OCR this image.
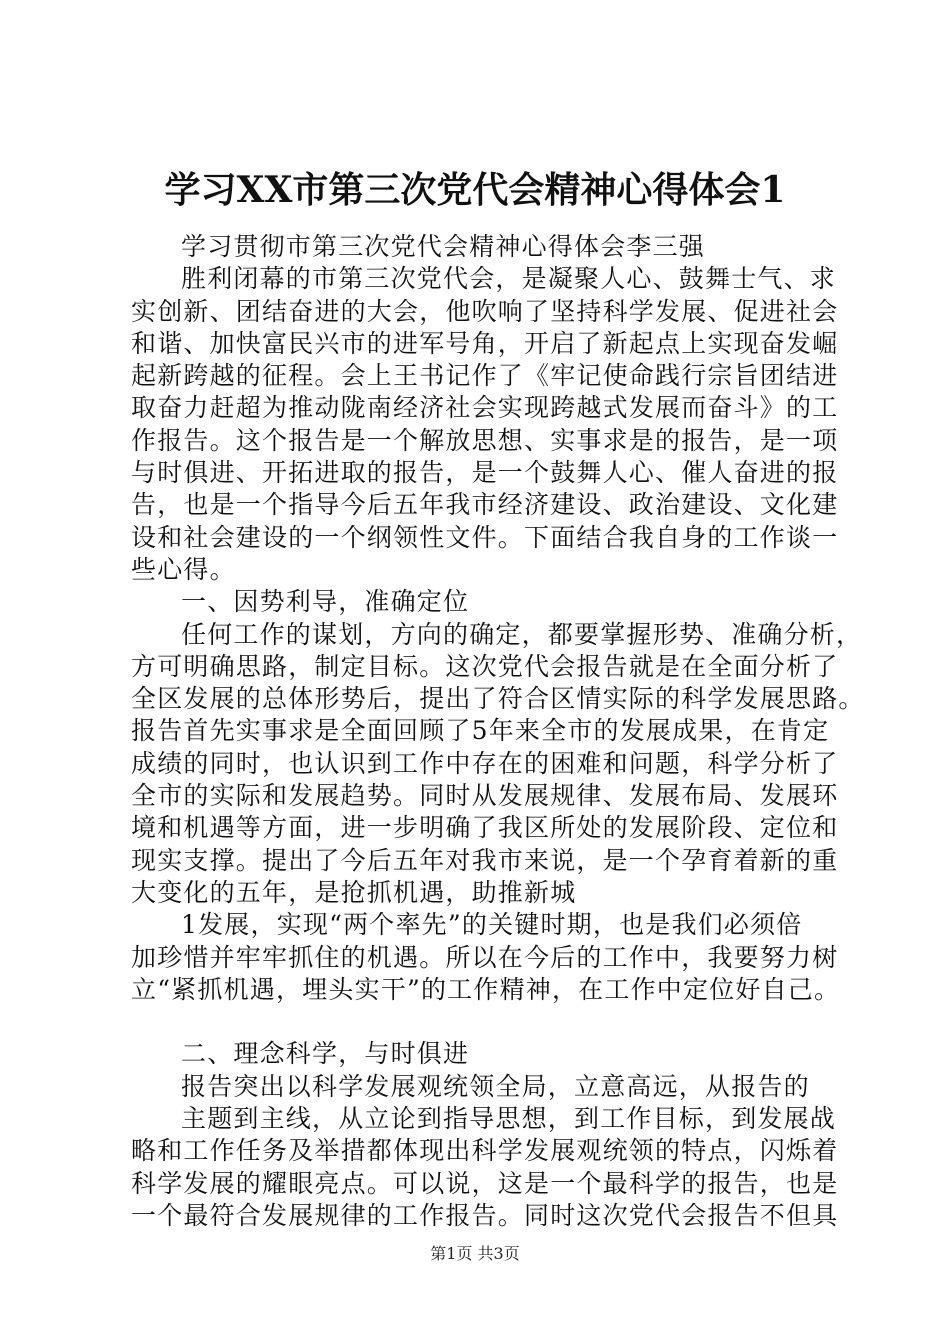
学习XX市第三次党代会精神心得体会1

学习贯彻市第三次党代会精神心得体会李三强

胜利闭幕的市第三次党代会，是凝聚人心、鼓舞士气、求

实创新、团结奋进的大会，他吹响了坚持科学发展、促进社会

和谐、加快富民兴市的进军号角，开启了新起点上实现奋发崛

起新跨越的征程。会上王书记作了《牢记使命践行宗旨团结进

取奋力赶超为推动陇南经济社会实现跨越式发展而奋斗》的工

作报告。这个报告是一个解放思想、实事求是的报告，是一项

与时俱进、开拓进取的报告，是一个鼓舞人心、催人奋进的报

告，也是一个指导今后五年我市经济建设、政治建设、文化建

设和社会建设的一个纲领性文件。下面结合我自身的工作谈一

些心得。

一、因势利导，准确定位

任何工作的谋划，方向的确定，都要掌握形势、准确分析，

方可明确思路，制定目标。这次党代会报告就是在全面分析了

全区发展的总体形势后，提出了符合区情实际的科学发展思路。

报告首先实事求是全面回顾了5年来全市的发展成果，在肯定

成绩的同时，也认识到工作中存在的困难和问题，科学分析了

全市的实际和发展趋势。同时从发展规律、发展布局、发展环

境和机遇等方面，进一步明确了我区所处的发展阶段、定位和

现实支撑。提出了今后五年对我市来说，是一个孕育着新的重

大变化的五年，是抢抓机遇，助推新城

1发展，实现“两个率先”的关键时期，也是我们必须倍

加珍惜并牢牢抓住的机遇。所以在今后的工作中，我要努力树

立“紧抓机遇，埋头实干”的工作精神，在工作中定位好自己。

二、理念科学，与时俱进

报告突出以科学发展观统领全局，立意高远，从报告的

主题到主线，从立论到指导思想，到工作目标，到发展战

略和工作任务及举措都体现出科学发展观统领的特点，闪烁着

科学发展的耀眼亮点。可以说，这是一个最科学的报告，也是

一个最符合发展规律的工作报告。同时这次党代会报告不但具

第1页 共3页
